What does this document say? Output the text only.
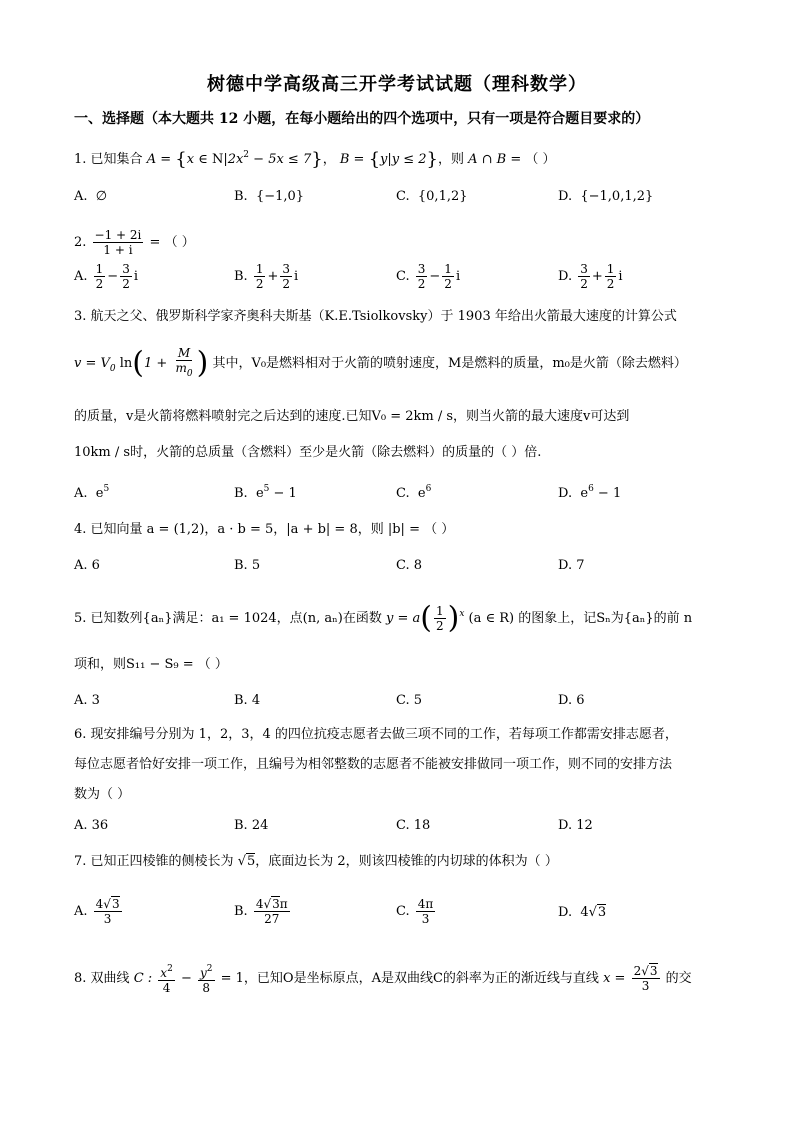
树德中学高级高三开学考试试题（理科数学）
一、选择题（本大题共 12 小题，在每小题给出的四个选项中，只有一项是符合题目要求的）
1. 已知集合 A = {x ∈ $N|2x^2 - 5x \le 7$}， B = {y|y ≤ 2}，则 A ∩ B = （ ）
A.  ∅	B.  {−1,0}	C.  {0,1,2}	D.  {−1,0,1,2}
2. $\frac{-1 + 2i}{1 + i}$ = （ ）
A. $\frac{1}{2} - \frac{3}{2}$ i	B. $\frac{1}{2} + \frac{3}{2}$ i	C. $\frac{3}{2} - \frac{1}{2}$ i	D. $\frac{3}{2} + \frac{1}{2}$ i
3. 航天之父、俄罗斯科学家齐奥科夫斯基（K.E.Tsiolkovsky）于 1903 年给出火箭最大速度的计算公式
$v = V_0$ $\ln(1 + \frac{M}{m_0}$ ) 其中，V₀是燃料相对于火箭的喷射速度，M是燃料的质量，m₀是火箭（除去燃料）
的质量，v是火箭将燃料喷射完之后达到的速度.已知V₀ = 2km / s，则当火箭的最大速度v可达到
10km / s时，火箭的总质量（含燃料）至少是火箭（除去燃料）的质量的（ ）倍.
A.  $e^5$	B.  $e^5 - 1$	C.  $e^6$	D.  $e^6 - 1$
4. 已知向量 a = (1,2)，a · b = 5，|a + b| = 8，则 |b| = （ ）
A. 6	B. 5	C. 8	D. 7
5. 已知数列{aₙ}满足：a₁ = 1024，点(n, aₙ)在函数 $y = a( \frac{1}{2} )^x$ (a ∈ R) 的图象上，记Sₙ为{aₙ}的前 n
项和，则S₁₁ − S₉ = （ ）
A. 3	B. 4	C. 5	D. 6
6. 现安排编号分别为 1，2，3，4 的四位抗疫志愿者去做三项不同的工作，若每项工作都需安排志愿者，
每位志愿者恰好安排一项工作，且编号为相邻整数的志愿者不能被安排做同一项工作，则不同的安排方法
数为（ ）
A. 36	B. 24	C. 18	D. 12
7. 已知正四棱锥的侧棱长为 √5，底面边长为 2，则该四棱锥的内切球的体积为（ ）
A. $\frac{4√3}{3}$	B. $\frac{4√3\pi}{27}$	C. $\frac{4\pi}{3}$	D.  4√3
8. 双曲线 C : $\frac{x^2}{4} - \frac{y^2}{8} = 1$，已知O是坐标原点，A是双曲线C的斜率为正的渐近线与直线 $x = \frac{2√3}{3}$ 的交
